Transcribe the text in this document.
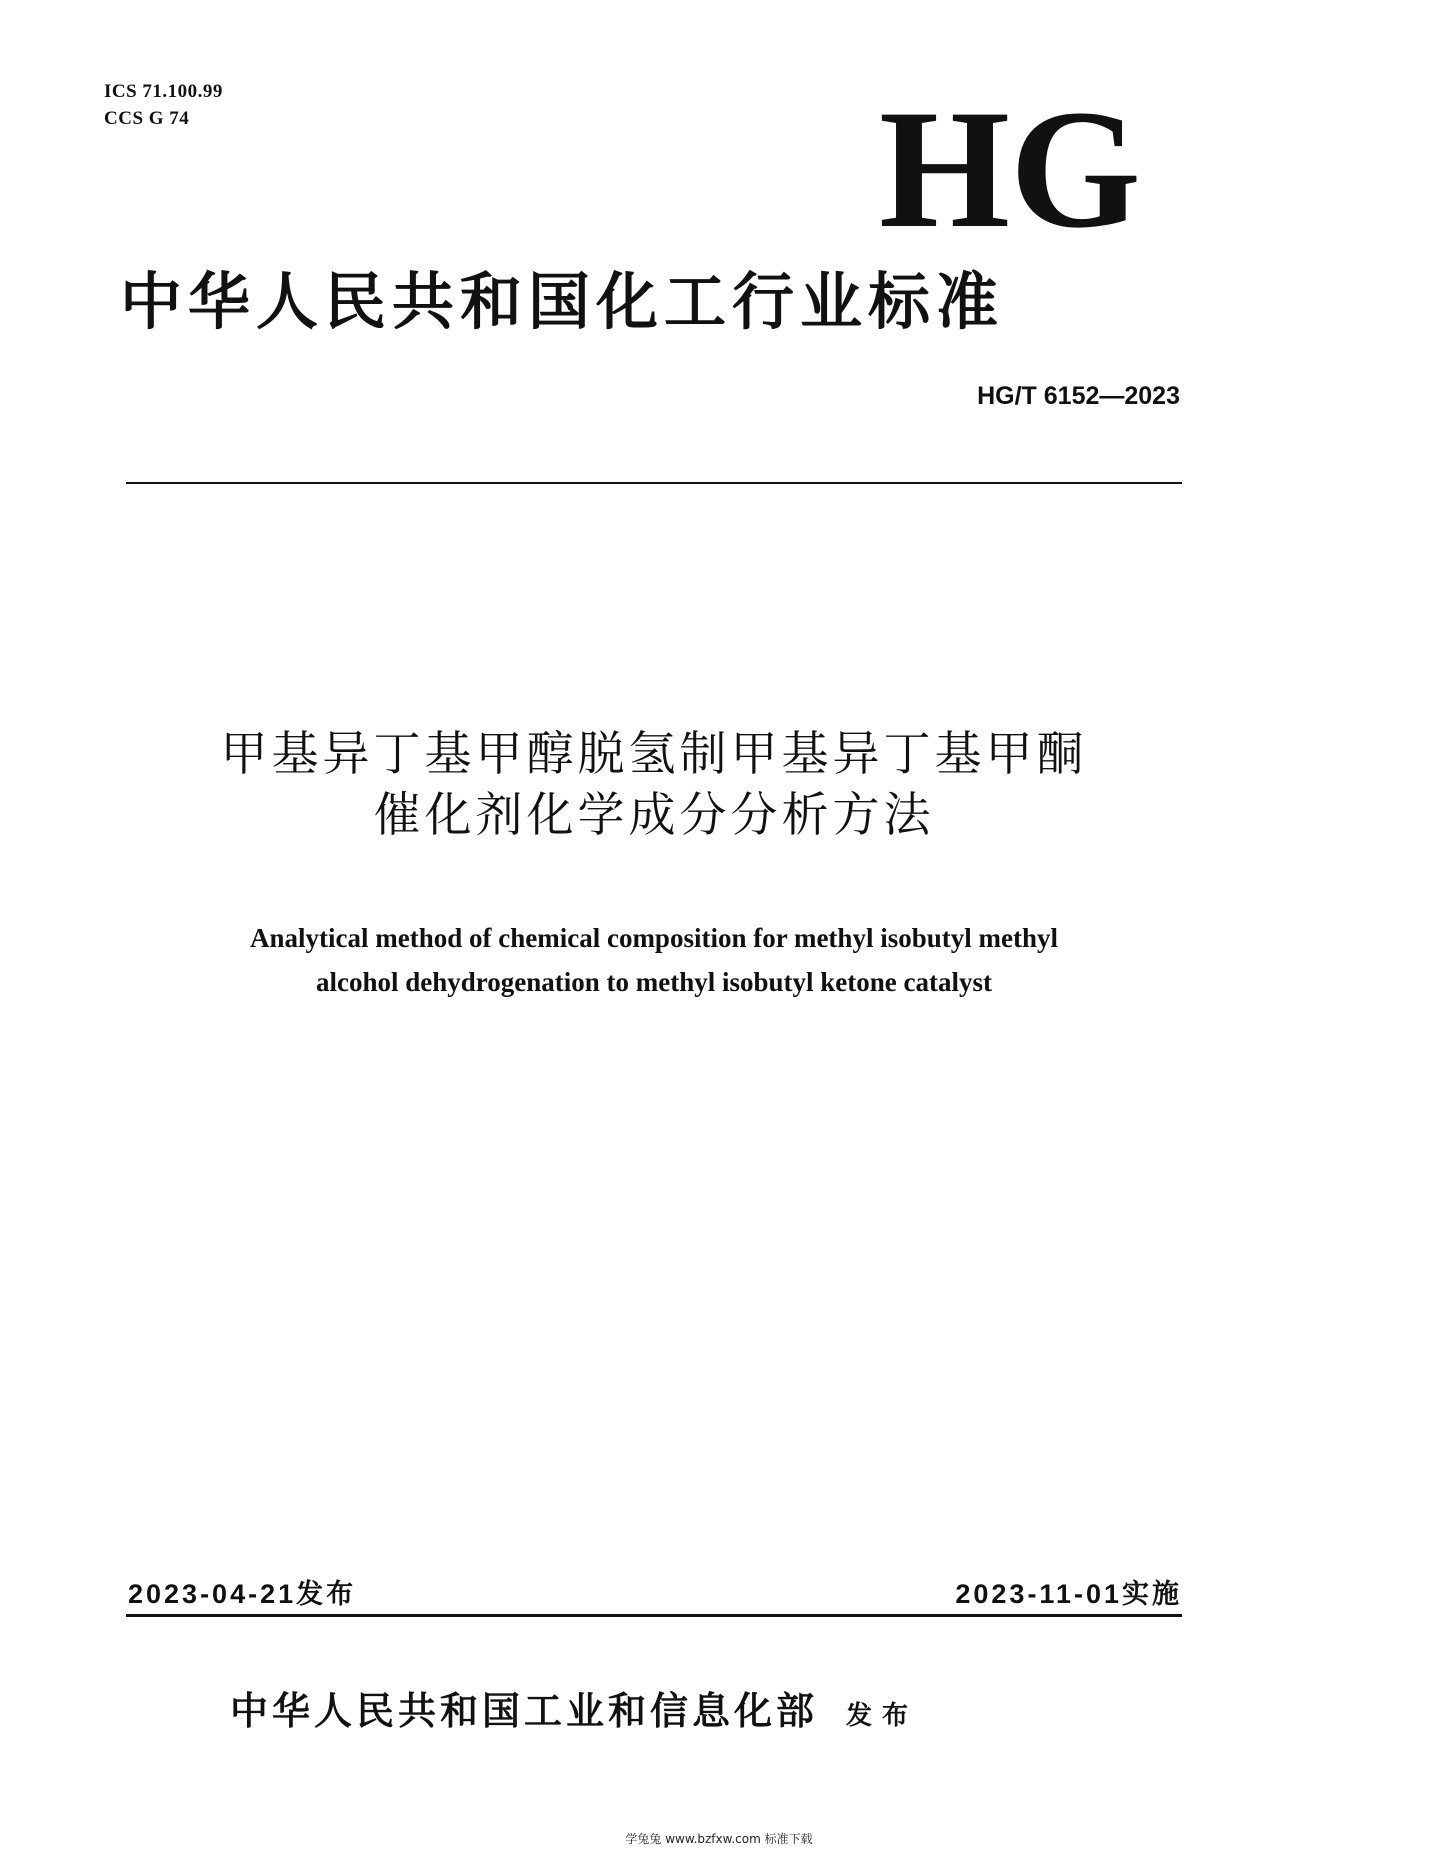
ICS 71.100.99
CCS G 74	HG
中华人民共和国化工行业标准
HG/T 6152—2023
甲基异丁基甲醇脱氢制甲基异丁基甲酮
催化剂化学成分分析方法
Analytical method of chemical composition for methyl isobutyl methyl
alcohol dehydrogenation to methyl isobutyl ketone catalyst
2023-04-21发布	2023-11-01实施
中华人民共和国工业和信息化部 发布
学兔兔 www.bzfxw.com 标准下载
